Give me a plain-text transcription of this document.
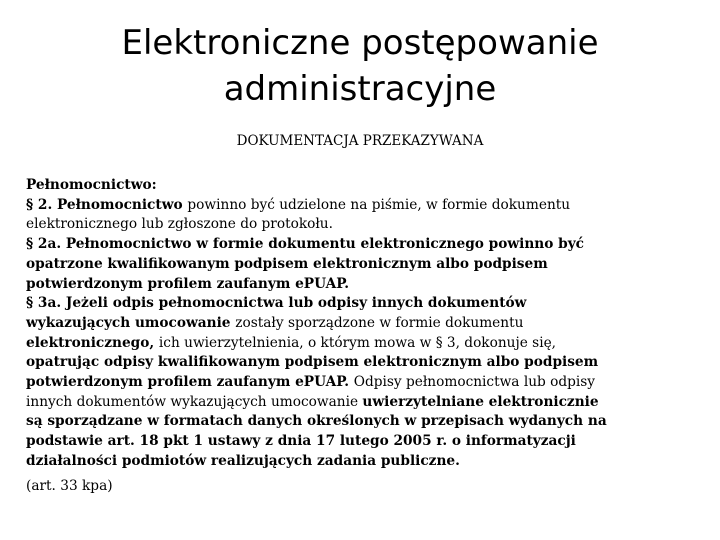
Elektroniczne postępowanie
administracyjne

DOKUMENTACJA PRZEKAZYWANA

Pełnomocnictwo:

§ 2. Pełnomocnictwo powinno być udzielone na piśmie, w formie dokumentu
elektronicznego lub zgłoszone do protokołu.

§ 2a. Pełnomocnictwo w formie dokumentu elektronicznego powinno być
opatrzone kwalifikowanym podpisem elektronicznym albo podpisem
potwierdzonym profilem zaufanym ePUAP.

§ 3a. Jeżeli odpis pełnomocnictwa lub odpisy innych dokumentów
wykazujących umocowanie zostały sporządzone w formie dokumentu
elektronicznego, ich uwierzytelnienia, o którym mowa w § 3, dokonuje się,
opatrując odpisy kwalifikowanym podpisem elektronicznym albo podpisem
potwierdzonym profilem zaufanym ePUAP. Odpisy pełnomocnictwa lub odpisy
innych dokumentów wykazujących umocowanie uwierzytelniane elektronicznie
są sporządzane w formatach danych określonych w przepisach wydanych na
podstawie art. 18 pkt 1 ustawy z dnia 17 lutego 2005 r. o informatyzacji
działalności podmiotów realizujących zadania publiczne.

(art. 33 kpa)
